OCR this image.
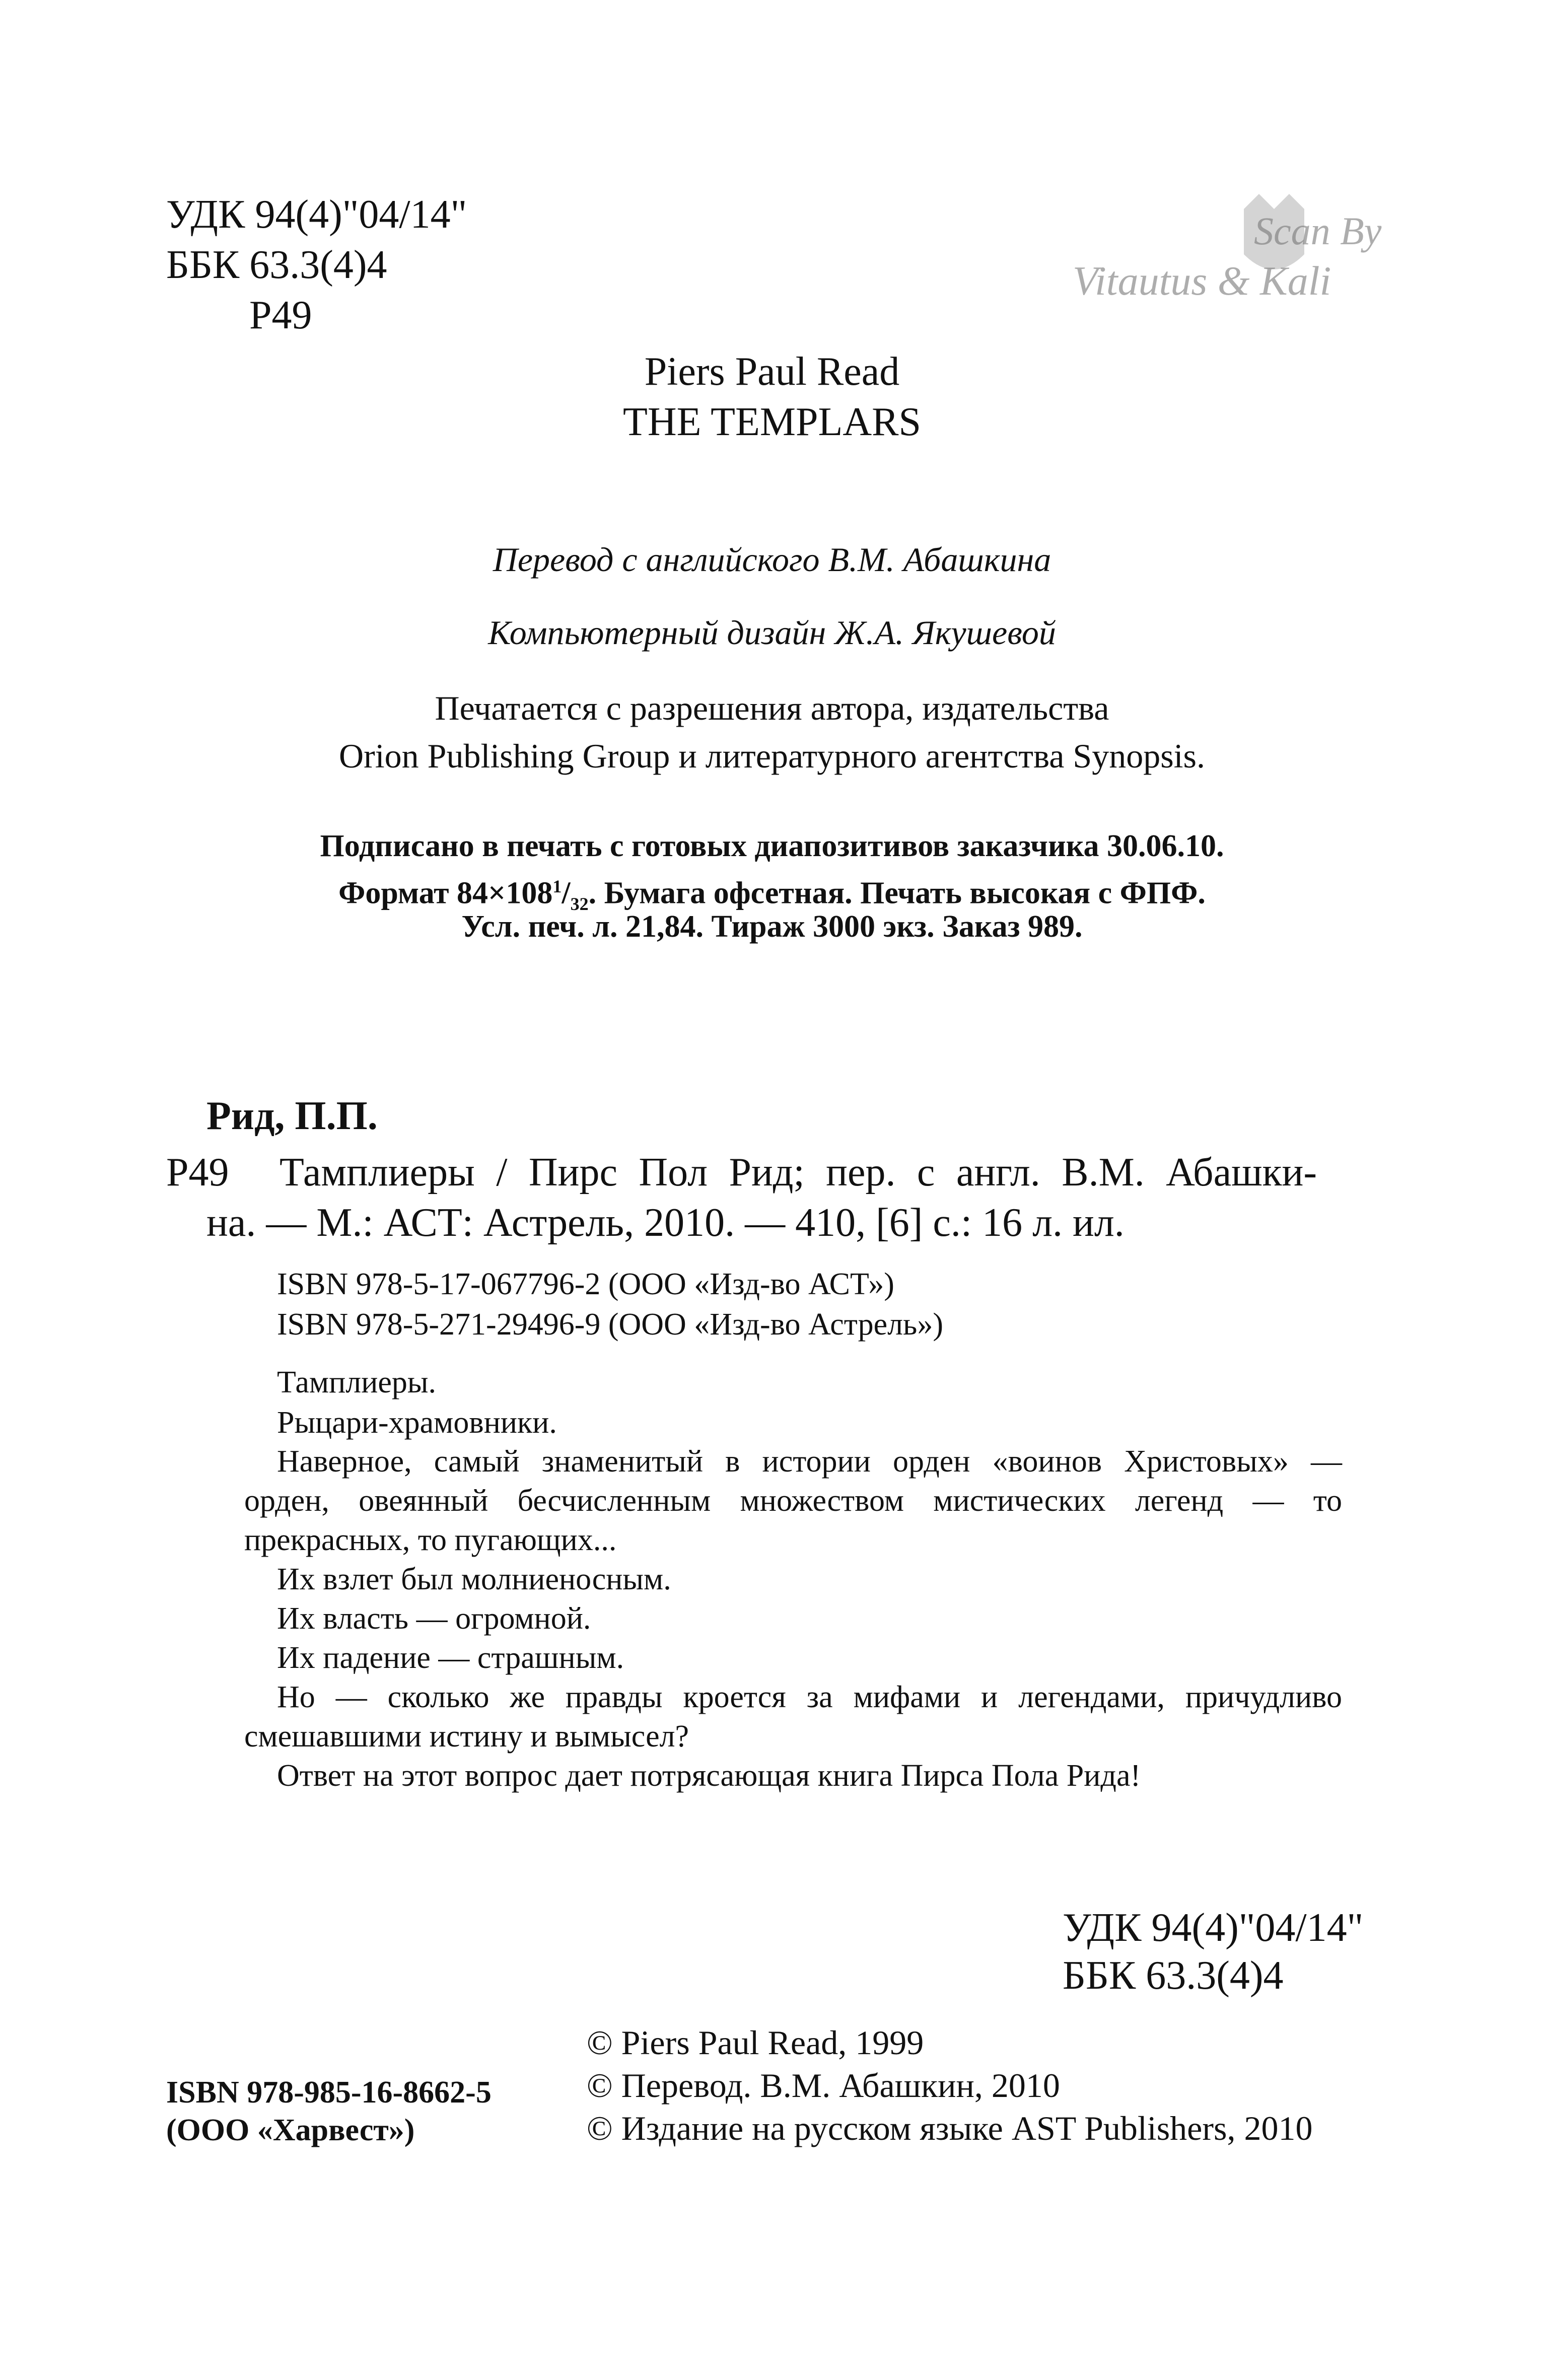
УДК 94(4)"04/14"
ББК 63.3(4)4
Р49
Scan By
Vitautus & Kali
Piers Paul Read
THE TEMPLARS
Перевод с английского В.М. Абашкина
Компьютерный дизайн Ж.А. Якушевой
Печатается с разрешения автора, издательства
Orion Publishing Group и литературного агентства Synopsis.
Подписано в печать с готовых диапозитивов заказчика 30.06.10.
Формат $84\times 108^1/_{32}$. Бумага офсетная. Печать высокая с ФПФ.
Усл. печ. л. 21,84. Тираж 3000 экз. Заказ 989.
Рид, П.П.
Р49 Тамплиеры / Пирс Пол Рид; пер. с англ. В.М. Абашки-
на. — М.: АСТ: Астрель, 2010. — 410, [6] с.: 16 л. ил.
ISBN 978-5-17-067796-2 (ООО «Изд-во АСТ»)
ISBN 978-5-271-29496-9 (ООО «Изд-во Астрель»)
Тамплиеры.
Рыцари-храмовники.
Наверное, самый знаменитый в истории орден «воинов Христовых» —
орден, овеянный бесчисленным множеством мистических легенд — то
прекрасных, то пугающих...
Их взлет был молниеносным.
Их власть — огромной.
Их падение — страшным.
Но — сколько же правды кроется за мифами и легендами, причудливо
смешавшими истину и вымысел?
Ответ на этот вопрос дает потрясающая книга Пирса Пола Рида!
УДК 94(4)"04/14"
ББК 63.3(4)4
ISBN 978-985-16-8662-5
(ООО «Харвест»)
© Piers Paul Read, 1999
© Перевод. В.М. Абашкин, 2010
© Издание на русском языке AST Publishers, 2010
